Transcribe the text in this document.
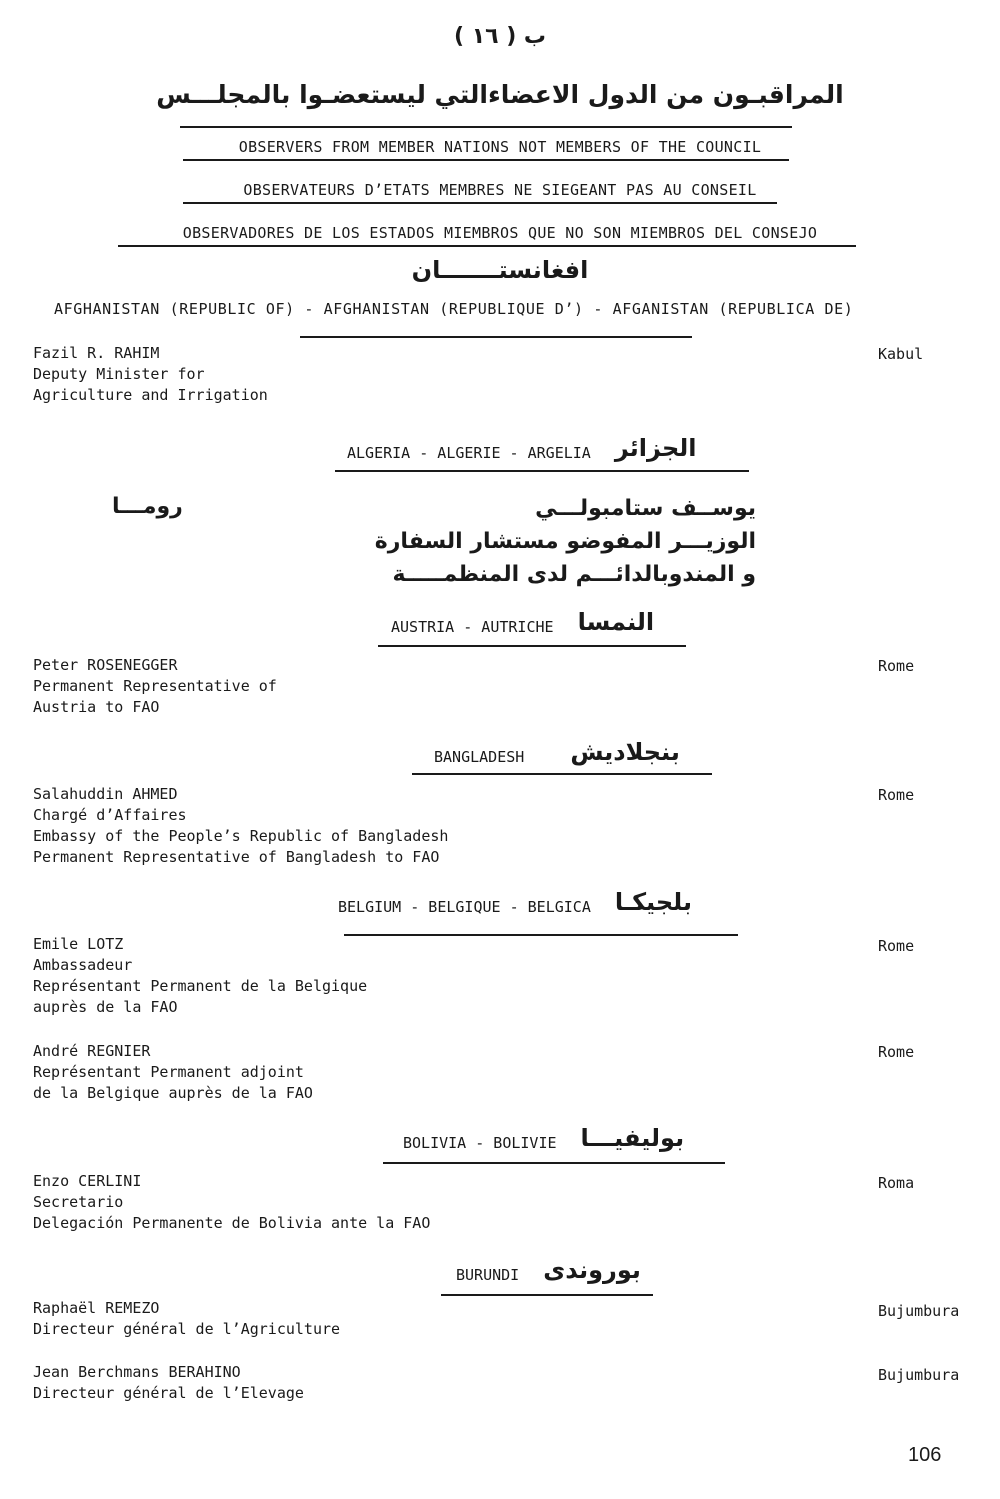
ب ( ١٦ )
المراقبـون من الدول الاعضاءالتي ليستعضـوا بالمجلـــس
OBSERVERS FROM MEMBER NATIONS NOT MEMBERS OF THE COUNCIL
OBSERVATEURS D’ETATS MEMBRES NE SIEGEANT PAS AU CONSEIL
OBSERVADORES DE LOS ESTADOS MIEMBROS QUE NO SON MIEMBROS DEL CONSEJO
افغانستـــــــان
AFGHANISTAN (REPUBLIC OF) - AFGHANISTAN (REPUBLIQUE D’) - AFGANISTAN (REPUBLICA DE)
Fazil R. RAHIM
Deputy Minister for
Agriculture and Irrigation
Kabul
ALGERIA - ALGERIE - ARGELIA الجزائر
يوســف ستامبولـــي
الوزيـــر المفوضو مستشار السفارة
و المندوبالدائـــم لدى المنظمـــــة
رومـــا
AUSTRIA - AUTRICHE النمسا
Peter ROSENEGGER
Permanent Representative of
Austria to FAO
Rome
BANGLADESH بنجلاديش
Salahuddin AHMED
Chargé d’Affaires
Embassy of the People’s Republic of Bangladesh
Permanent Representative of Bangladesh to FAO
Rome
BELGIUM - BELGIQUE - BELGICA بلجيكـا
Emile LOTZ
Ambassadeur
Représentant Permanent de la Belgique
auprès de la FAO
Rome
André REGNIER
Représentant Permanent adjoint
de la Belgique auprès de la FAO
Rome
BOLIVIA - BOLIVIE بوليفيـــا
Enzo CERLINI
Secretario
Delegación Permanente de Bolivia ante la FAO
Roma
BURUNDI بوروندى
Raphaël REMEZO
Directeur général de l’Agriculture
Bujumbura
Jean Berchmans BERAHINO
Directeur général de l’Elevage
Bujumbura
106
